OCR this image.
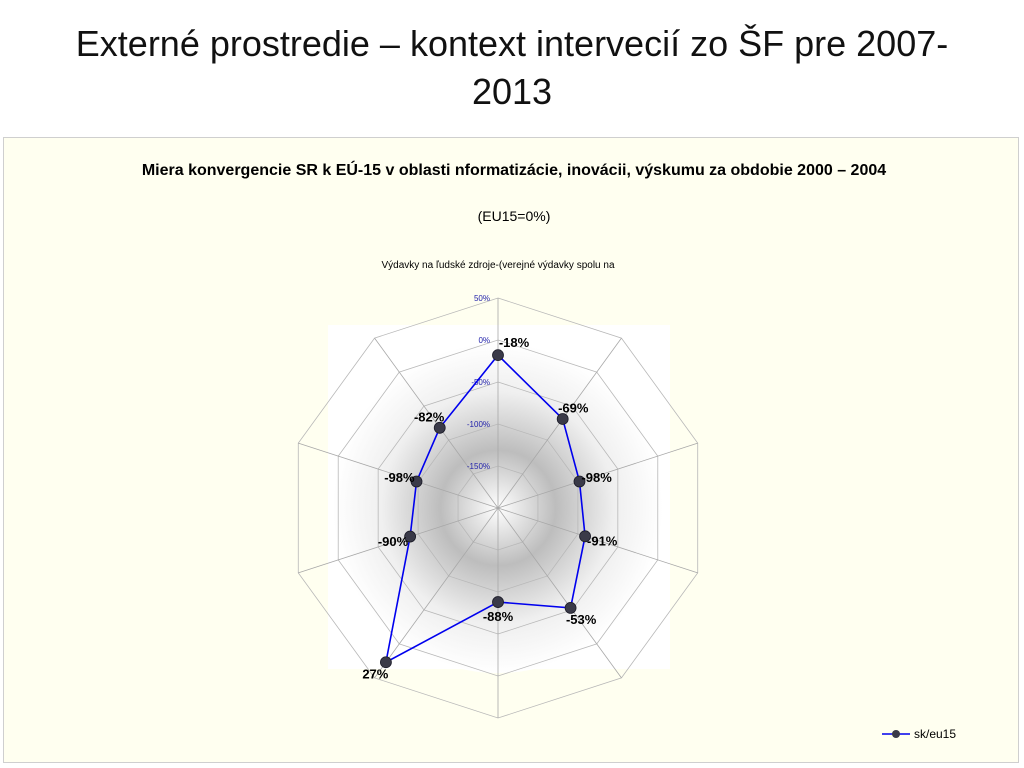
Externé prostredie – kontext intervecií zo ŠF pre 2007-2013
Miera konvergencie SR k EÚ-15 v oblasti nformatizácie, inovácii, výskumu za obdobie 2000 – 2004
(EU15=0%)
Výdavky na ľudské zdroje-(verejné výdavky spolu na
50%
0%
-50%
-100%
-150%
-18%
-69%
-98%
-91%
-53%
-88%
27%
-90%
-98%
-82%
sk/eu15
